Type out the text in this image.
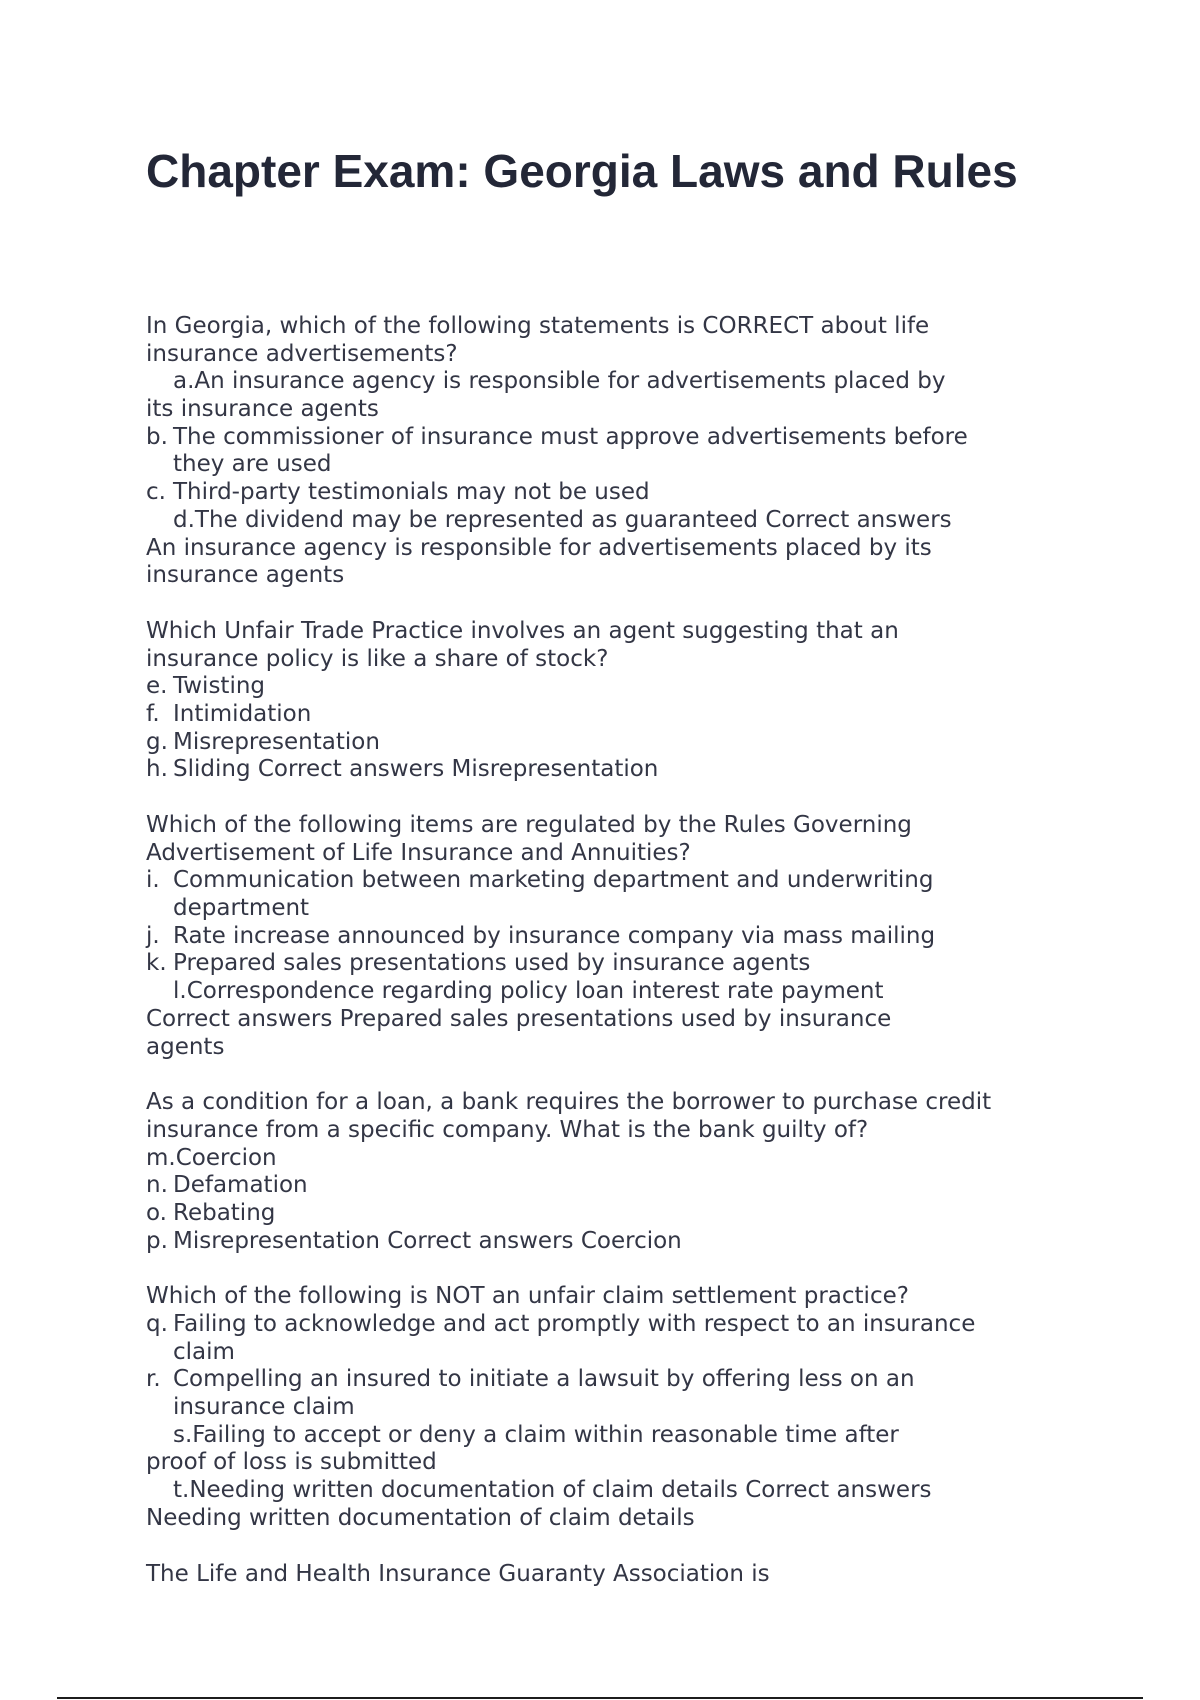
Chapter Exam: Georgia Laws and Rules
In Georgia, which of the following statements is CORRECT about life
insurance advertisements?
a.An insurance agency is responsible for advertisements placed by
its insurance agents
b. The commissioner of insurance must approve advertisements before
they are used
c. Third-party testimonials may not be used
d.The dividend may be represented as guaranteed Correct answers
An insurance agency is responsible for advertisements placed by its
insurance agents
Which Unfair Trade Practice involves an agent suggesting that an
insurance policy is like a share of stock?
e. Twisting
f. Intimidation
g. Misrepresentation
h. Sliding Correct answers Misrepresentation
Which of the following items are regulated by the Rules Governing
Advertisement of Life Insurance and Annuities?
i. Communication between marketing department and underwriting
department
j. Rate increase announced by insurance company via mass mailing
k. Prepared sales presentations used by insurance agents
l.Correspondence regarding policy loan interest rate payment
Correct answers Prepared sales presentations used by insurance
agents
As a condition for a loan, a bank requires the borrower to purchase credit
insurance from a specific company. What is the bank guilty of?
m.Coercion
n. Defamation
o. Rebating
p. Misrepresentation Correct answers Coercion
Which of the following is NOT an unfair claim settlement practice?
q. Failing to acknowledge and act promptly with respect to an insurance
claim
r. Compelling an insured to initiate a lawsuit by offering less on an
insurance claim
s.Failing to accept or deny a claim within reasonable time after
proof of loss is submitted
t.Needing written documentation of claim details Correct answers
Needing written documentation of claim details
The Life and Health Insurance Guaranty Association is
